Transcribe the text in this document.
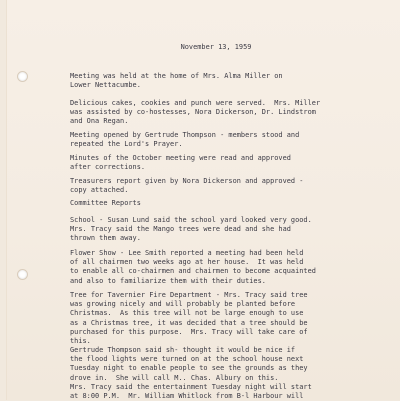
November 13, 1959

Meeting was held at the home of Mrs. Alma Miller on
Lower Nettacumbe.

Delicious cakes, cookies and punch were served.  Mrs. Miller
was assisted by co-hostesses, Nora Dickerson, Dr. Lindstrom
and Ona Regan.

Meeting opened by Gertrude Thompson - members stood and
repeated the Lord's Prayer.

Minutes of the October meeting were read and approved
after corrections.

Treasurers report given by Nora Dickerson and approved -
copy attached.

Committee Reports

School - Susan Lund said the school yard looked very good.
Mrs. Tracy said the Mango trees were dead and she had
thrown them away.

Flower Show - Lee Smith reported a meeting had been held
of all chairmen two weeks ago at her house.  It was held
to enable all co-chairmen and chairmen to become acquainted
and also to familiarize them with their duties.

Tree for Tavernier Fire Department - Mrs. Tracy said tree
was growing nicely and will probably be planted before
Christmas.  As this tree will not be large enough to use
as a Christmas tree, it was decided that a tree should be
purchased for this purpose.  Mrs. Tracy will take care of
this.

Gertrude Thompson said sh- thought it would be nice if
the flood lights were turned on at the school house next
Tuesday night to enable people to see the grounds as they
drove in.  She will call M.. Chas. Albury on this.

Mrs. Tracy said the entertainment Tuesday night will start
at 8:00 P.M.  Mr. William Whitlock from B-l Harbour will
